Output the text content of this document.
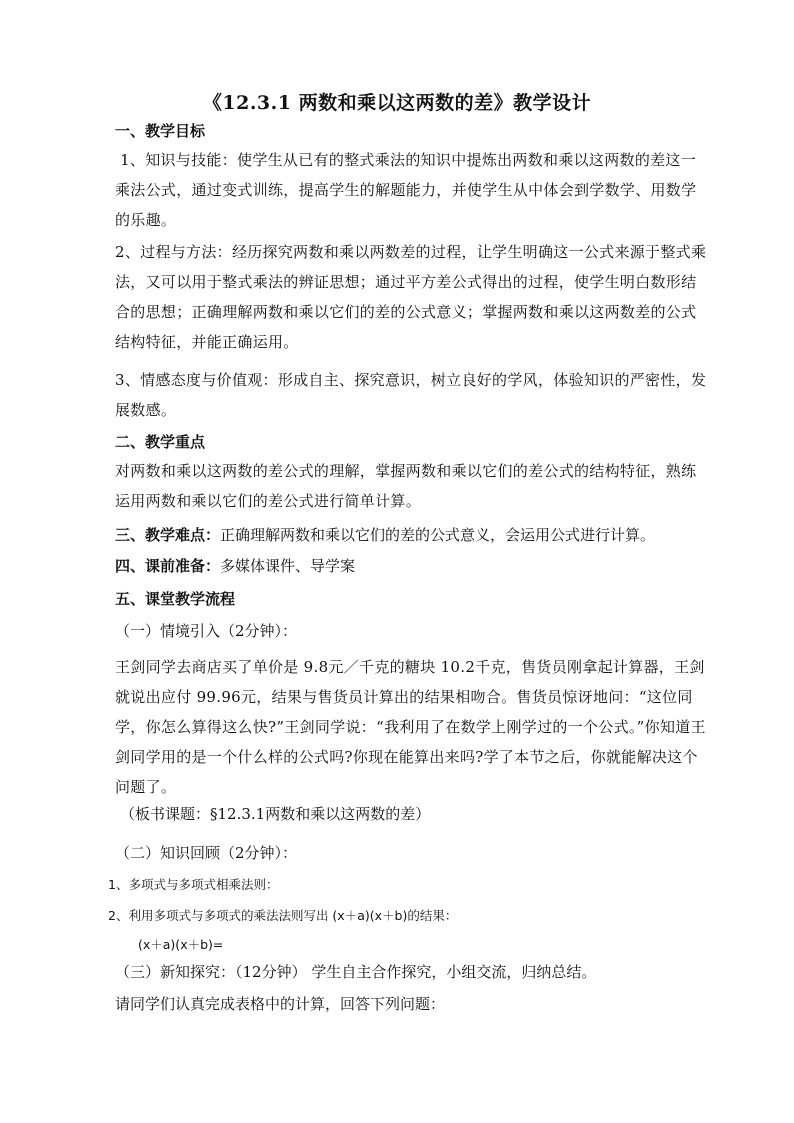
《12.3.1 两数和乘以这两数的差》教学设计
一、教学目标
1、知识与技能：使学生从已有的整式乘法的知识中提炼出两数和乘以这两数的差这一乘法公式，通过变式训练，提高学生的解题能力，并使学生从中体会到学数学、用数学的乐趣。
2、过程与方法：经历探究两数和乘以两数差的过程，让学生明确这一公式来源于整式乘法，又可以用于整式乘法的辨证思想；通过平方差公式得出的过程，使学生明白数形结合的思想；正确理解两数和乘以它们的差的公式意义；掌握两数和乘以这两数差的公式结构特征，并能正确运用。
3、情感态度与价值观：形成自主、探究意识，树立良好的学风，体验知识的严密性，发展数感。
二、教学重点
对两数和乘以这两数的差公式的理解，掌握两数和乘以它们的差公式的结构特征，熟练运用两数和乘以它们的差公式进行简单计算。
三、教学难点：正确理解两数和乘以它们的差的公式意义，会运用公式进行计算。
四、课前准备：多媒体课件、导学案
五、课堂教学流程
（一）情境引入（2分钟）：
王剑同学去商店买了单价是 9.8元／千克的糖块 10.2千克，售货员刚拿起计算器，王剑就说出应付 99.96元，结果与售货员计算出的结果相吻合。售货员惊讶地问：“这位同学，你怎么算得这么快?”王剑同学说：“我利用了在数学上刚学过的一个公式。”你知道王剑同学用的是一个什么样的公式吗?你现在能算出来吗?学了本节之后，你就能解决这个问题了。
（板书课题：§12.3.1两数和乘以这两数的差）
（二）知识回顾（2分钟）：
1、多项式与多项式相乘法则：
2、利用多项式与多项式的乘法法则写出 (x＋a)(x＋b)的结果：
(x＋a)(x＋b)=
（三）新知探究：（12分钟） 学生自主合作探究，小组交流，归纳总结。
请同学们认真完成表格中的计算，回答下列问题：
